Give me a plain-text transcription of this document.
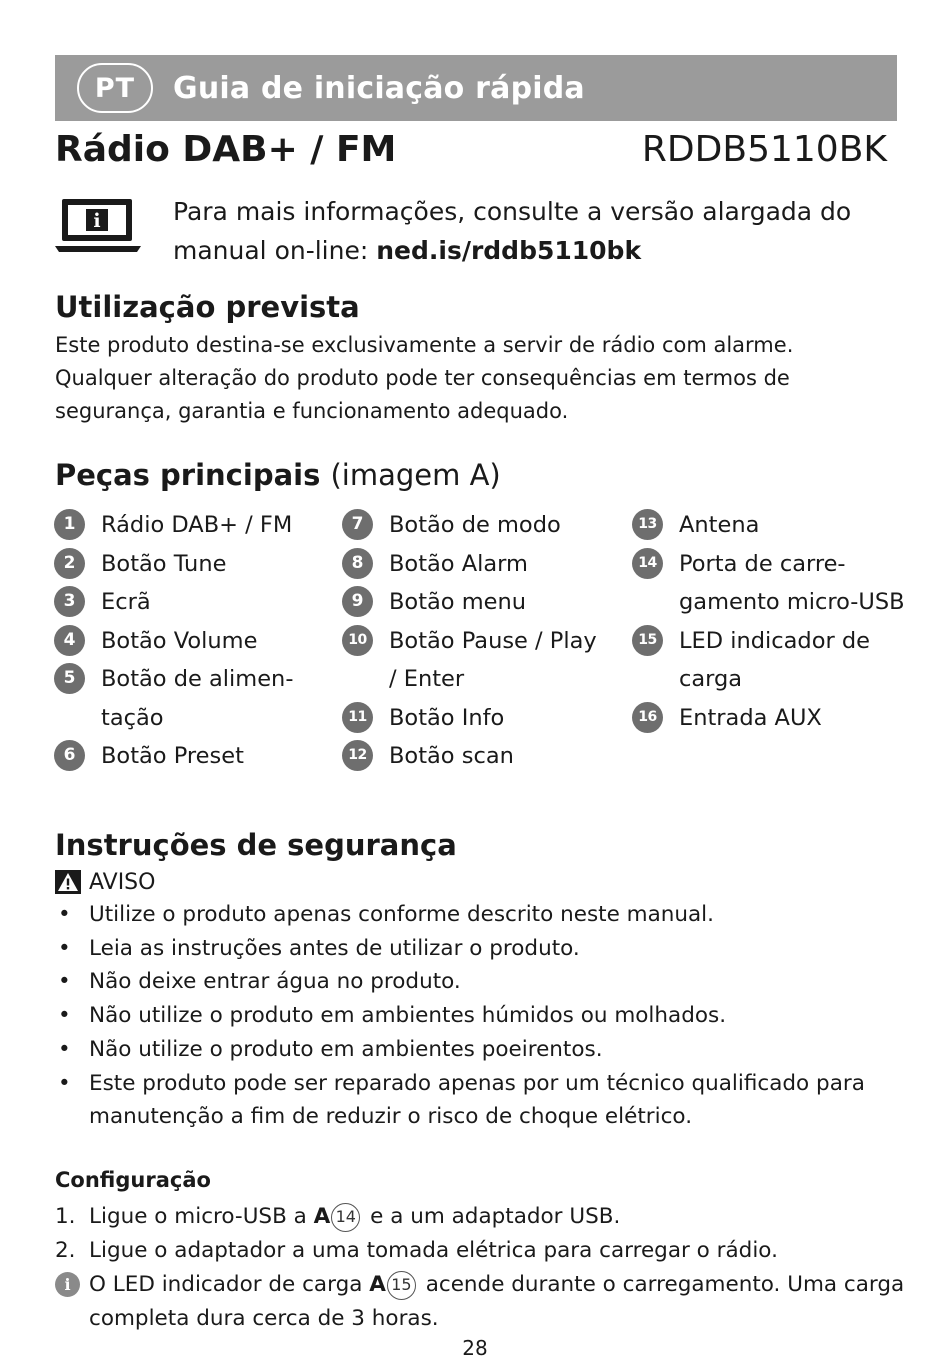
PT	Guia de iniciação rápida
Rádio DAB+ / FM	RDDB5110BK
i	Para mais informações, consulte a versão alargada do
manual on-line: ned.is/rddb5110bk
Utilização prevista
Este produto destina-se exclusivamente a servir de rádio com alarme.
Qualquer alteração do produto pode ter consequências em termos de
segurança, garantia e funcionamento adequado.
Peças principais (imagem A)
1	Rádio DAB+ / FM
2	Botão Tune
3	Ecrã
4	Botão Volume
5	Botão de alimen-
tação
6	Botão Preset
7	Botão de modo
8	Botão Alarm
9	Botão menu
10 Botão Pause / Play
/ Enter
11 Botão Info
12 Botão scan
13 Antena
14 Porta de carre-
gamento micro-USB
15 LED indicador de
carga
16 Entrada AUX
Instruções de segurança
AVISO
• Utilize o produto apenas conforme descrito neste manual.
• Leia as instruções antes de utilizar o produto.
• Não deixe entrar água no produto.
• Não utilize o produto em ambientes húmidos ou molhados.
• Não utilize o produto em ambientes poeirentos.
• Este produto pode ser reparado apenas por um técnico qualificado para
manutenção a fim de reduzir o risco de choque elétrico.
Configuração
1. Ligue o micro-USB a A 14 e a um adaptador USB.
2. Ligue o adaptador a uma tomada elétrica para carregar o rádio.
i O LED indicador de carga A 15 acende durante o carregamento. Uma carga
completa dura cerca de 3 horas.
28
